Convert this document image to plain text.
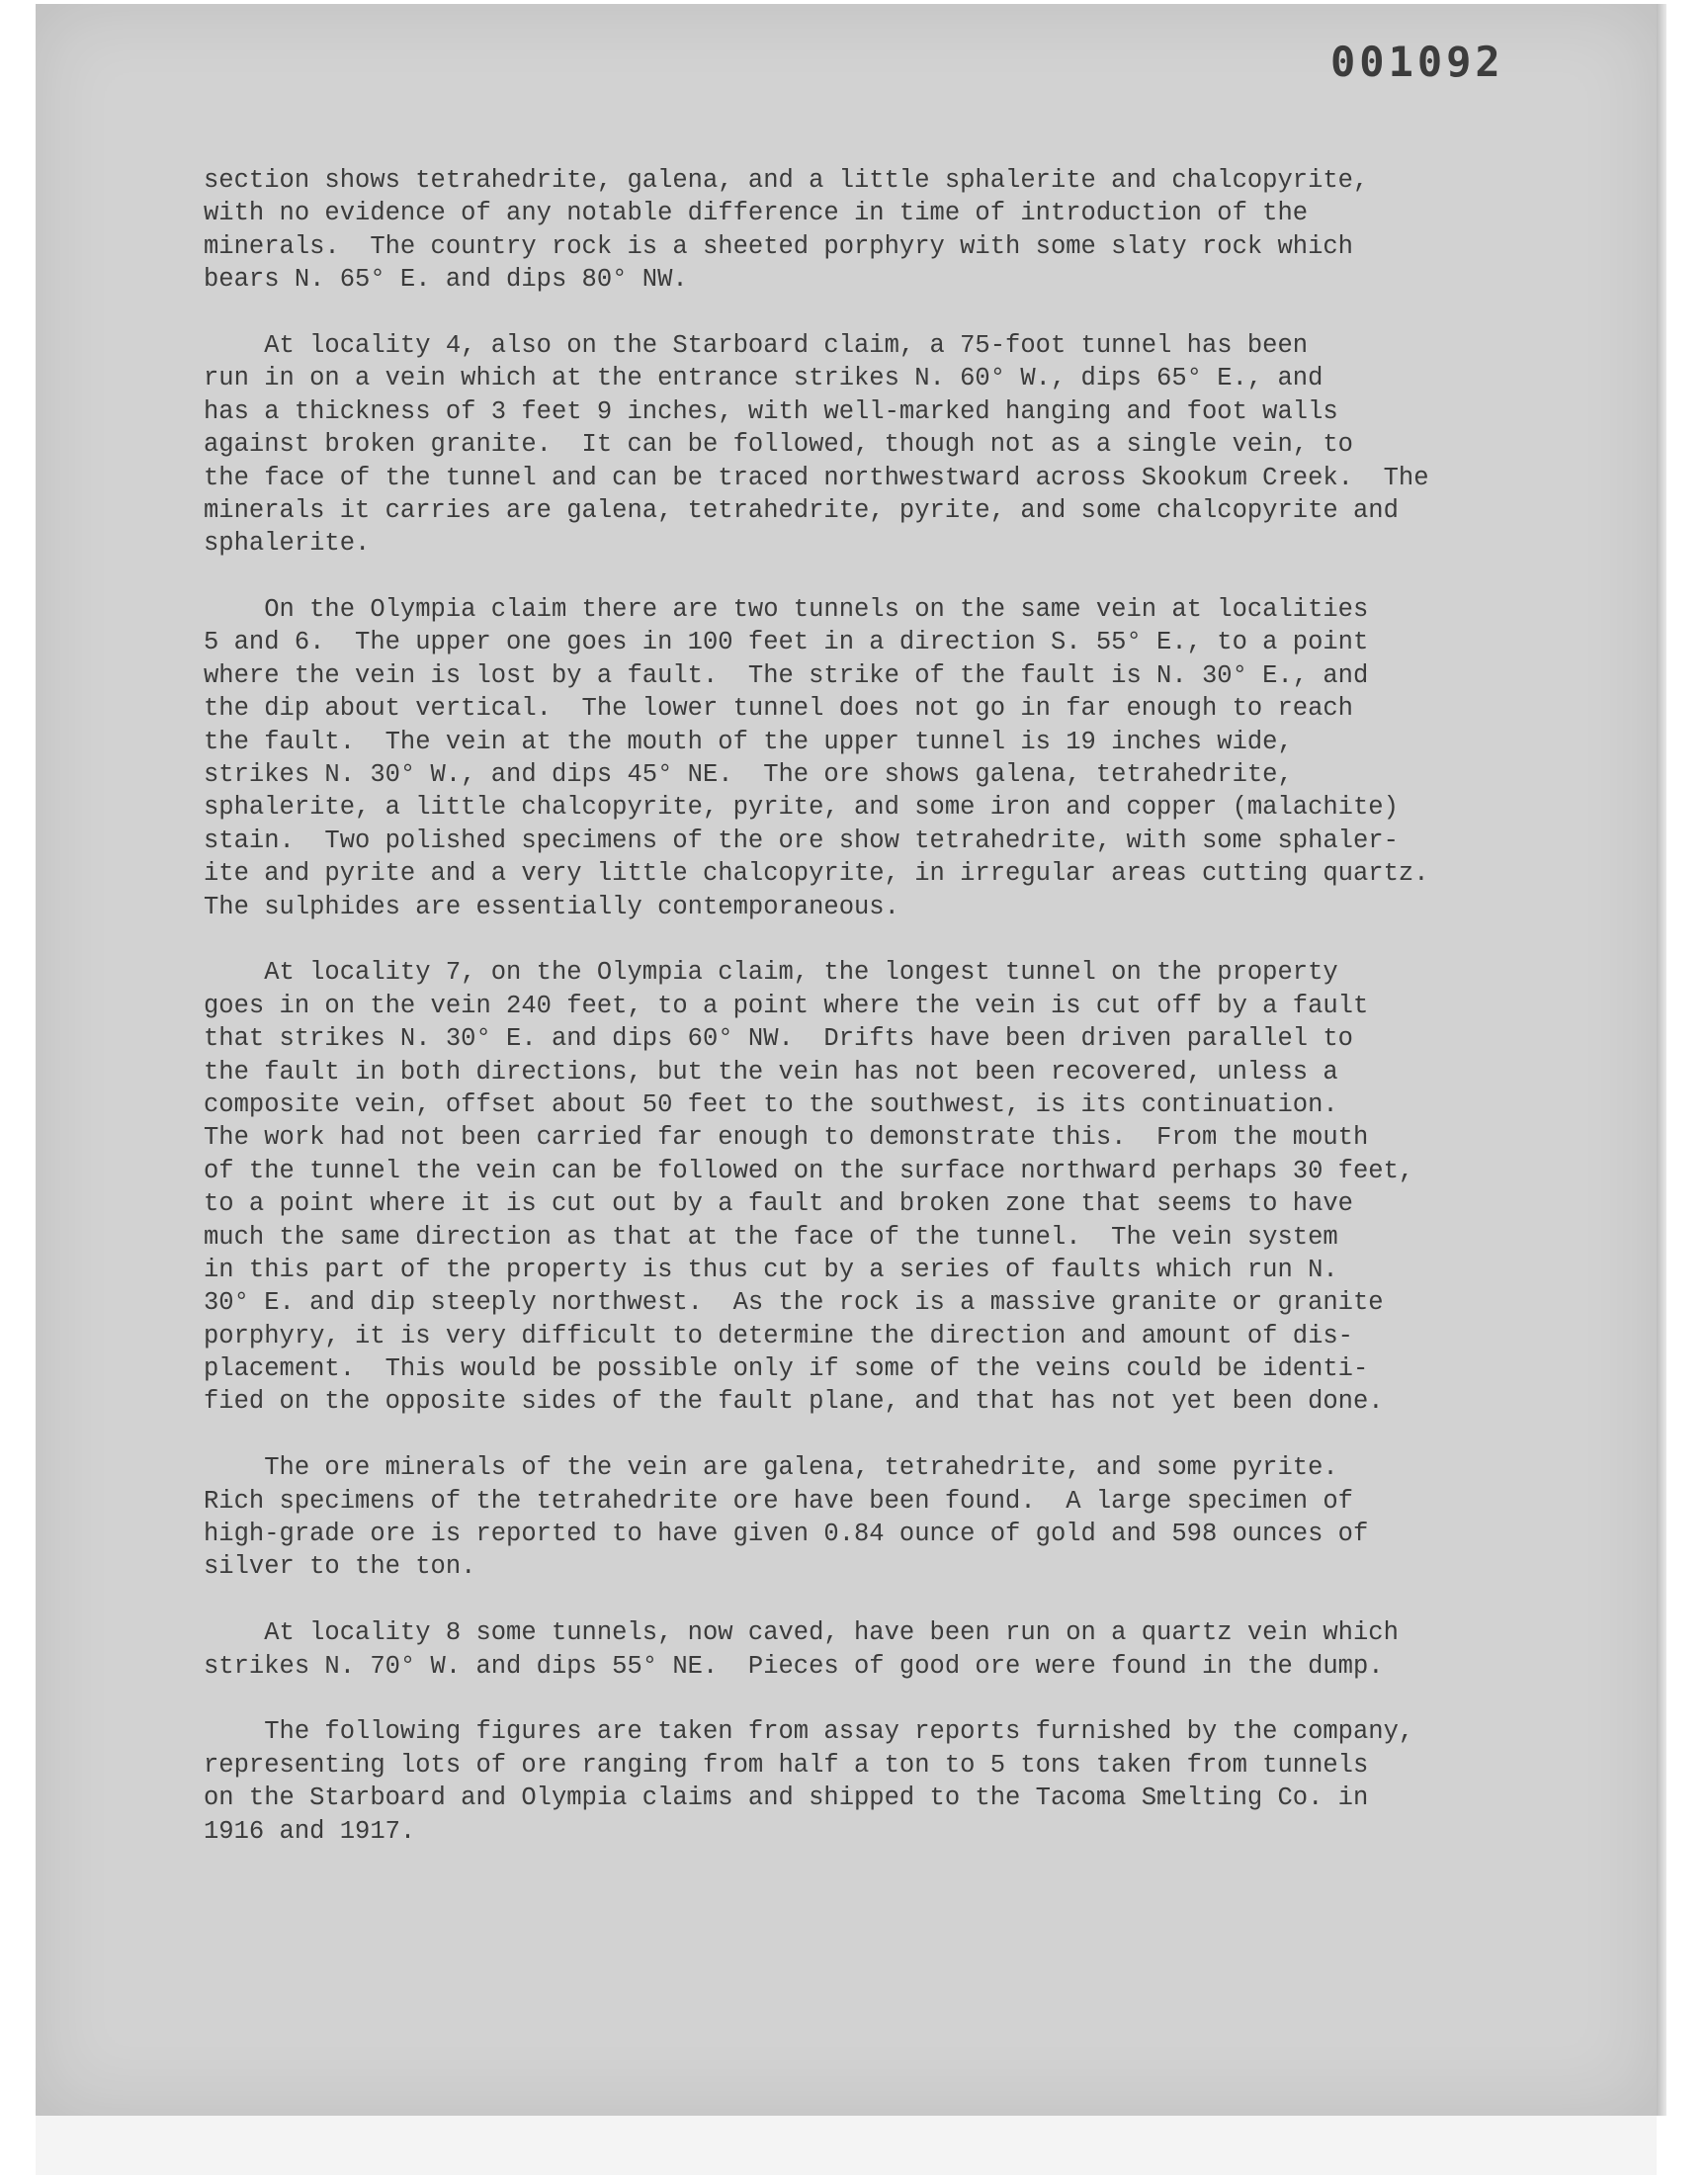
001092
section shows tetrahedrite, galena, and a little sphalerite and chalcopyrite,
with no evidence of any notable difference in time of introduction of the
minerals.  The country rock is a sheeted porphyry with some slaty rock which
bears N. 65° E. and dips 80° NW.
At locality 4, also on the Starboard claim, a 75-foot tunnel has been
run in on a vein which at the entrance strikes N. 60° W., dips 65° E., and
has a thickness of 3 feet 9 inches, with well-marked hanging and foot walls
against broken granite.  It can be followed, though not as a single vein, to
the face of the tunnel and can be traced northwestward across Skookum Creek.  The
minerals it carries are galena, tetrahedrite, pyrite, and some chalcopyrite and
sphalerite.
On the Olympia claim there are two tunnels on the same vein at localities
5 and 6.  The upper one goes in 100 feet in a direction S. 55° E., to a point
where the vein is lost by a fault.  The strike of the fault is N. 30° E., and
the dip about vertical.  The lower tunnel does not go in far enough to reach
the fault.  The vein at the mouth of the upper tunnel is 19 inches wide,
strikes N. 30° W., and dips 45° NE.  The ore shows galena, tetrahedrite,
sphalerite, a little chalcopyrite, pyrite, and some iron and copper (malachite)
stain.  Two polished specimens of the ore show tetrahedrite, with some sphaler-
ite and pyrite and a very little chalcopyrite, in irregular areas cutting quartz.
The sulphides are essentially contemporaneous.
At locality 7, on the Olympia claim, the longest tunnel on the property
goes in on the vein 240 feet, to a point where the vein is cut off by a fault
that strikes N. 30° E. and dips 60° NW.  Drifts have been driven parallel to
the fault in both directions, but the vein has not been recovered, unless a
composite vein, offset about 50 feet to the southwest, is its continuation.
The work had not been carried far enough to demonstrate this.  From the mouth
of the tunnel the vein can be followed on the surface northward perhaps 30 feet,
to a point where it is cut out by a fault and broken zone that seems to have
much the same direction as that at the face of the tunnel.  The vein system
in this part of the property is thus cut by a series of faults which run N.
30° E. and dip steeply northwest.  As the rock is a massive granite or granite
porphyry, it is very difficult to determine the direction and amount of dis-
placement.  This would be possible only if some of the veins could be identi-
fied on the opposite sides of the fault plane, and that has not yet been done.
The ore minerals of the vein are galena, tetrahedrite, and some pyrite.
Rich specimens of the tetrahedrite ore have been found.  A large specimen of
high-grade ore is reported to have given 0.84 ounce of gold and 598 ounces of
silver to the ton.
At locality 8 some tunnels, now caved, have been run on a quartz vein which
strikes N. 70° W. and dips 55° NE.  Pieces of good ore were found in the dump.
The following figures are taken from assay reports furnished by the company,
representing lots of ore ranging from half a ton to 5 tons taken from tunnels
on the Starboard and Olympia claims and shipped to the Tacoma Smelting Co. in
1916 and 1917.
